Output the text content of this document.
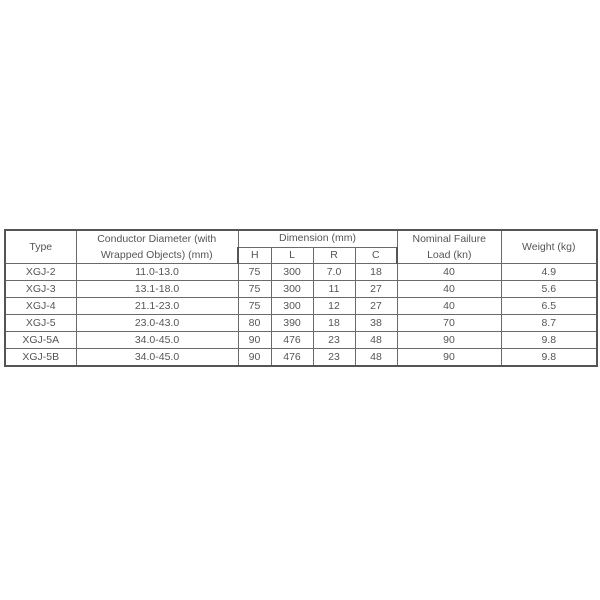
Type	Conductor Diameter (with Wrapped Objects) (mm)	Dimension (mm)				Nominal Failure Load (kn)	Weight (kg)
		H	L	R	C		
XGJ-2	11.0-13.0	75	300	7.0	18	40	4.9
XGJ-3	13.1-18.0	75	300	11	27	40	5.6
XGJ-4	21.1-23.0	75	300	12	27	40	6.5
XGJ-5	23.0-43.0	80	390	18	38	70	8.7
XGJ-5A	34.0-45.0	90	476	23	48	90	9.8
XGJ-5B	34.0-45.0	90	476	23	48	90	9.8
